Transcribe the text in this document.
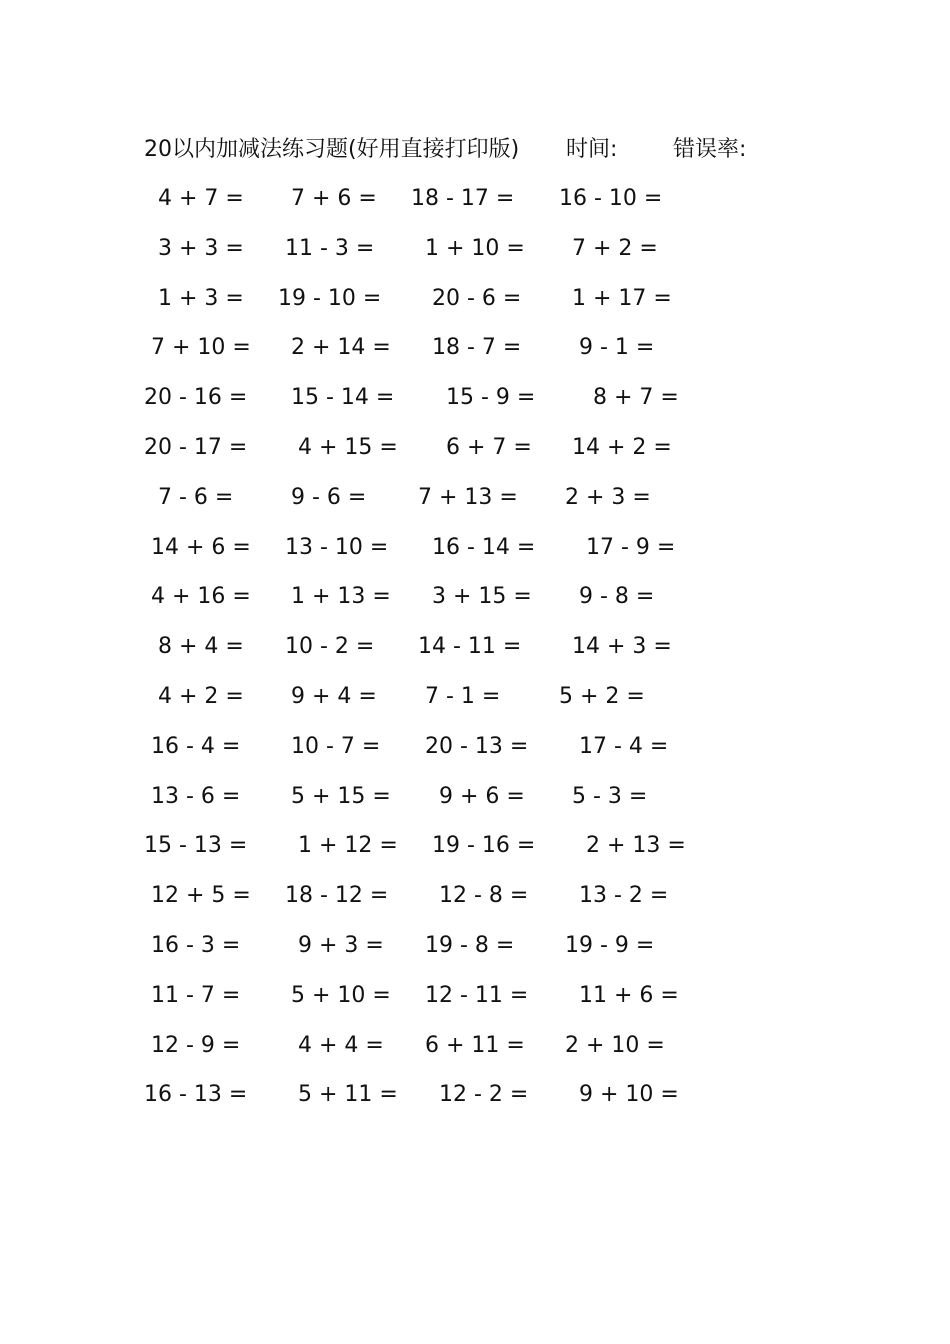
20以内加减法练习题(好用直接打印版) 时间:	错误率:
4 + 7 = 7 + 6 = 18 - 17 = 16 - 10 =
3 + 3 = 11 - 3 = 1 + 10 = 7 + 2 =
1 + 3 = 19 - 10 = 20 - 6 = 1 + 17 =
7 + 10 = 2 + 14 = 18 - 7 =	9 - 1 =
20 - 16 = 15 - 14 = 15 - 9 =	8 + 7 =
20 - 17 = 4 + 15 = 6 + 7 = 14 + 2 =
7 - 6 =	9 - 6 = 7 + 13 = 2 + 3 =
14 + 6 = 13 - 10 = 16 - 14 = 17 - 9 =
4 + 16 = 1 + 13 = 3 + 15 = 9 - 8 =
8 + 4 = 10 - 2 = 14 - 11 = 14 + 3 =
4 + 2 = 9 + 4 = 7 - 1 =	5 + 2 =
16 - 4 = 10 - 7 = 20 - 13 = 17 - 4 =
13 - 6 = 5 + 15 = 9 + 6 = 5 - 3 =
15 - 13 = 1 + 12 = 19 - 16 = 2 + 13 =
12 + 5 = 18 - 12 = 12 - 8 = 13 - 2 =
16 - 3 =	9 + 3 = 19 - 8 = 19 - 9 =
11 - 7 = 5 + 10 = 12 - 11 = 11 + 6 =
12 - 9 =	4 + 4 = 6 + 11 = 2 + 10 =
16 - 13 = 5 + 11 = 12 - 2 = 9 + 10 =
